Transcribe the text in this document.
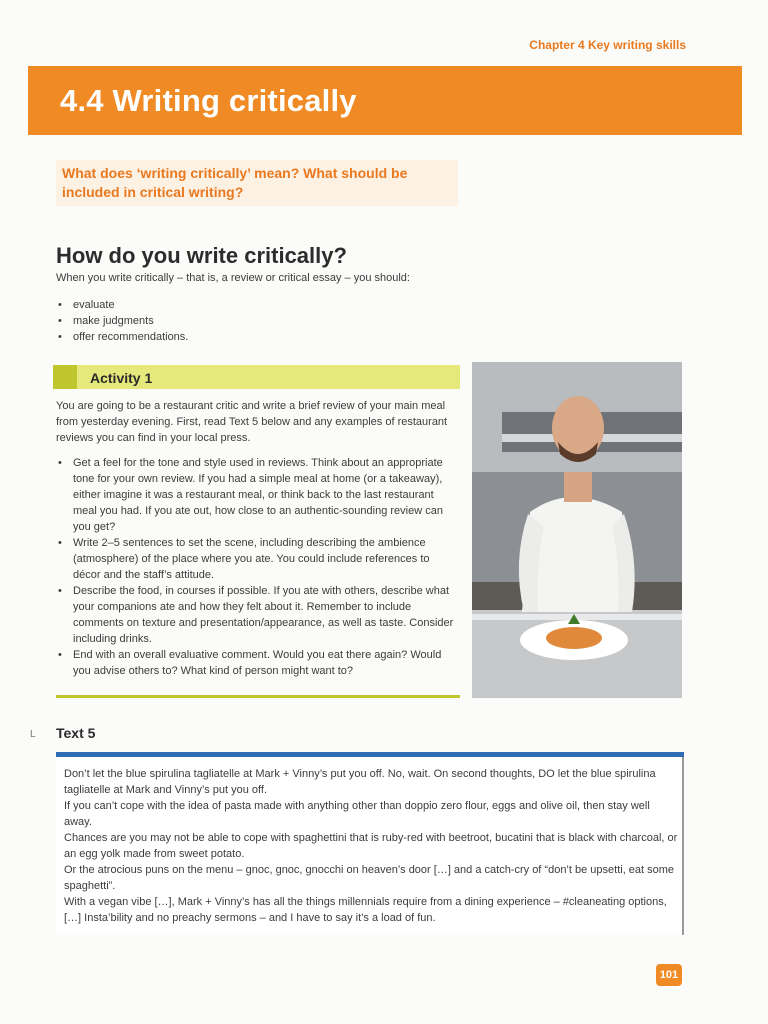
Chapter 4 Key writing skills
4.4 Writing critically
What does ‘writing critically’ mean? What should be included in critical writing?
How do you write critically?
When you write critically – that is, a review or critical essay – you should:
• evaluate
• make judgments
• offer recommendations.
Activity 1
You are going to be a restaurant critic and write a brief review of your main meal from yesterday evening. First, read Text 5 below and any examples of restaurant reviews you can find in your local press.
• Get a feel for the tone and style used in reviews. Think about an appropriate tone for your own review. If you had a simple meal at home (or a takeaway), either imagine it was a restaurant meal, or think back to the last restaurant meal you had. If you ate out, how close to an authentic-sounding review can you get?
• Write 2–5 sentences to set the scene, including describing the ambience (atmosphere) of the place where you ate. You could include references to décor and the staff’s attitude.
• Describe the food, in courses if possible. If you ate with others, describe what your companions ate and how they felt about it. Remember to include comments on texture and presentation/appearance, as well as taste. Consider including drinks.
• End with an overall evaluative comment. Would you eat there again? Would you advise others to? What kind of person might want to?
L Text 5

Don’t let the blue spirulina tagliatelle at Mark + Vinny’s put you off. No, wait. On second thoughts, DO let the blue spirulina tagliatelle at Mark and Vinny’s put you off.

If you can’t cope with the idea of pasta made with anything other than doppio zero flour, eggs and olive oil, then stay well away.

Chances are you may not be able to cope with spaghettini that is ruby-red with beetroot, bucatini that is black with charcoal, or an egg yolk made from sweet potato.

Or the atrocious puns on the menu – gnoc, gnoc, gnocchi on heaven’s door […] and a catch-cry of “don’t be upsetti, eat some spaghetti”.

With a vegan vibe […], Mark + Vinny’s has all the things millennials require from a dining experience – #cleaneating options, […] Insta’bility and no preachy sermons – and I have to say it’s a load of fun.

101
